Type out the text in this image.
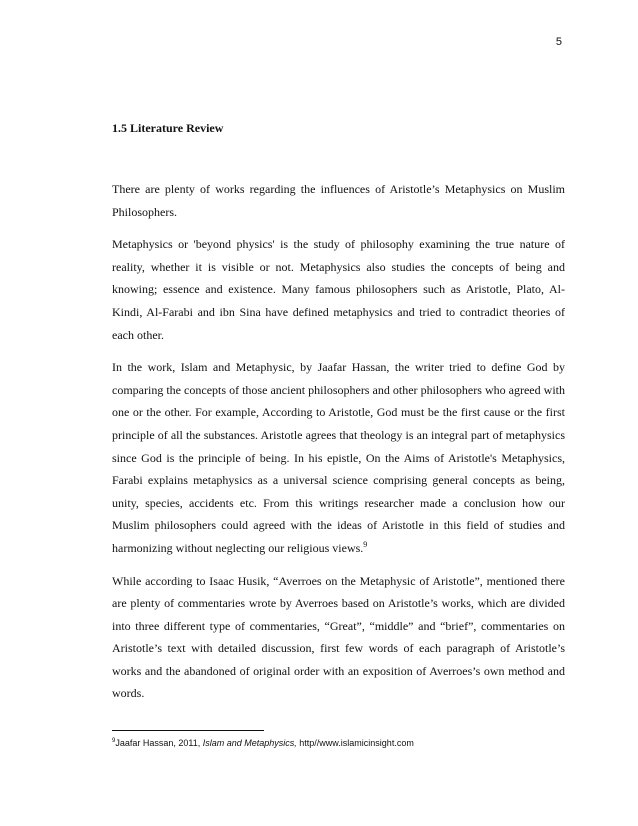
5

1.5 Literature Review

There are plenty of works regarding the influences of Aristotle’s Metaphysics on Muslim Philosophers.

Metaphysics or 'beyond physics' is the study of philosophy examining the true nature of reality, whether it is visible or not. Metaphysics also studies the concepts of being and knowing; essence and existence. Many famous philosophers such as Aristotle, Plato, Al-Kindi, Al-Farabi and ibn Sina have defined metaphysics and tried to contradict theories of each other.

In the work, Islam and Metaphysic, by Jaafar Hassan, the writer tried to define God by comparing the concepts of those ancient philosophers and other philosophers who agreed with one or the other. For example, According to Aristotle, God must be the first cause or the first principle of all the substances. Aristotle agrees that theology is an integral part of metaphysics since God is the principle of being. In his epistle, On the Aims of Aristotle's Metaphysics, Farabi explains metaphysics as a universal science comprising general concepts as being, unity, species, accidents etc. From this writings researcher made a conclusion how our Muslim philosophers could agreed with the ideas of Aristotle in this field of studies and harmonizing without neglecting our religious views.$^9$

While according to Isaac Husik, “Averroes on the Metaphysic of Aristotle”, mentioned there are plenty of commentaries wrote by Averroes based on Aristotle’s works, which are divided into three different type of commentaries, “Great”, “middle” and “brief”, commentaries on Aristotle’s text with detailed discussion, first few words of each paragraph of Aristotle’s works and the abandoned of original order with an exposition of Averroes’s own method and words.

$^9$Jaafar Hassan, 2011, Islam and Metaphysics, http//www.islamicinsight.com
